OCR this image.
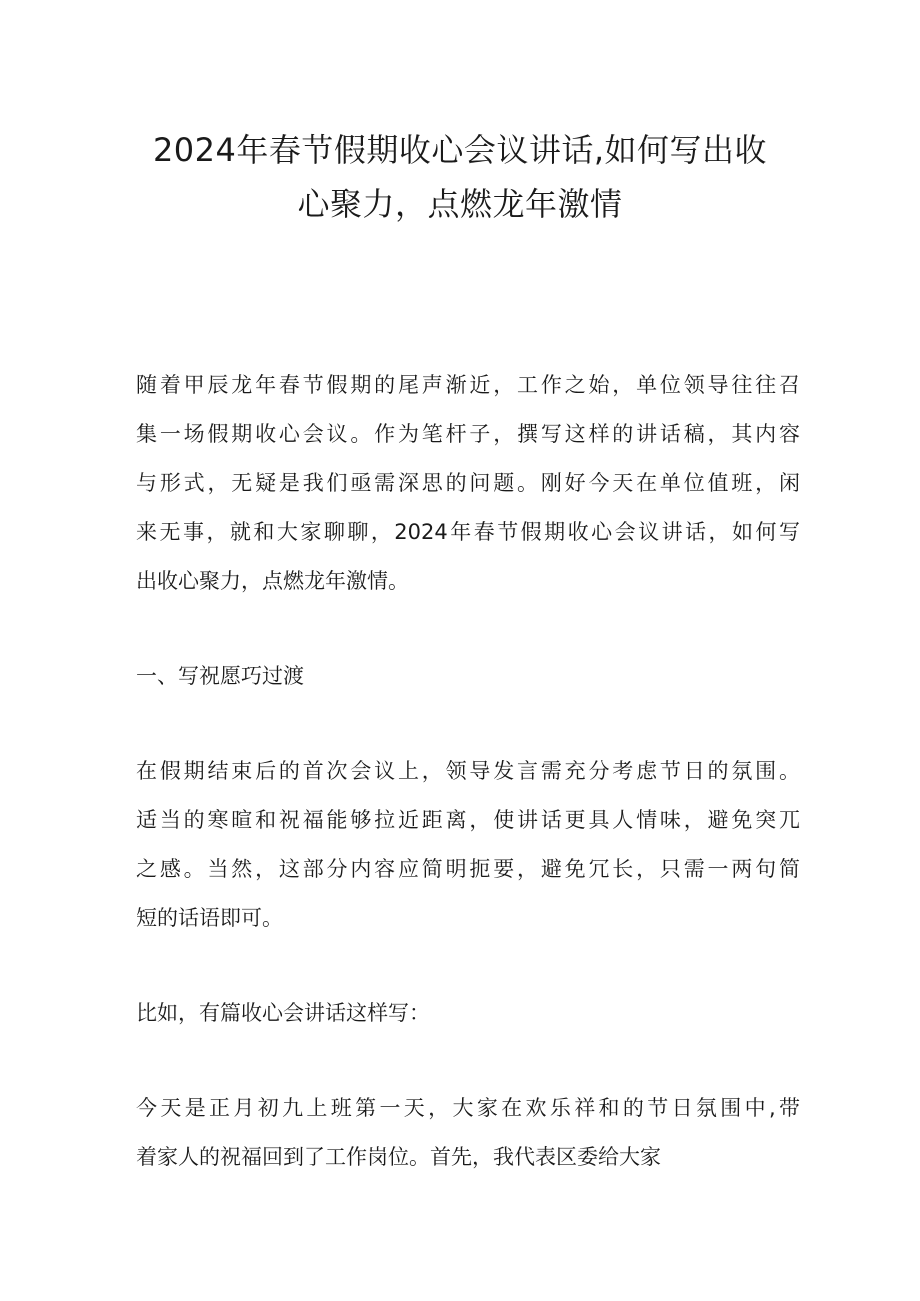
2024年春节假期收心会议讲话,如何写出收
心聚力，点燃龙年激情

随着甲辰龙年春节假期的尾声渐近，工作之始，单位领导往往召
集一场假期收心会议。作为笔杆子，撰写这样的讲话稿，其内容
与形式，无疑是我们亟需深思的问题。刚好今天在单位值班，闲
来无事，就和大家聊聊，2024年春节假期收心会议讲话，如何写
出收心聚力，点燃龙年激情。

一、写祝愿巧过渡

在假期结束后的首次会议上，领导发言需充分考虑节日的氛围。
适当的寒暄和祝福能够拉近距离，使讲话更具人情味，避免突兀
之感。当然，这部分内容应简明扼要，避免冗长，只需一两句简
短的话语即可。

比如，有篇收心会讲话这样写：

今天是正月初九上班第一天，大家在欢乐祥和的节日氛围中,带
着家人的祝福回到了工作岗位。首先，我代表区委给大家
